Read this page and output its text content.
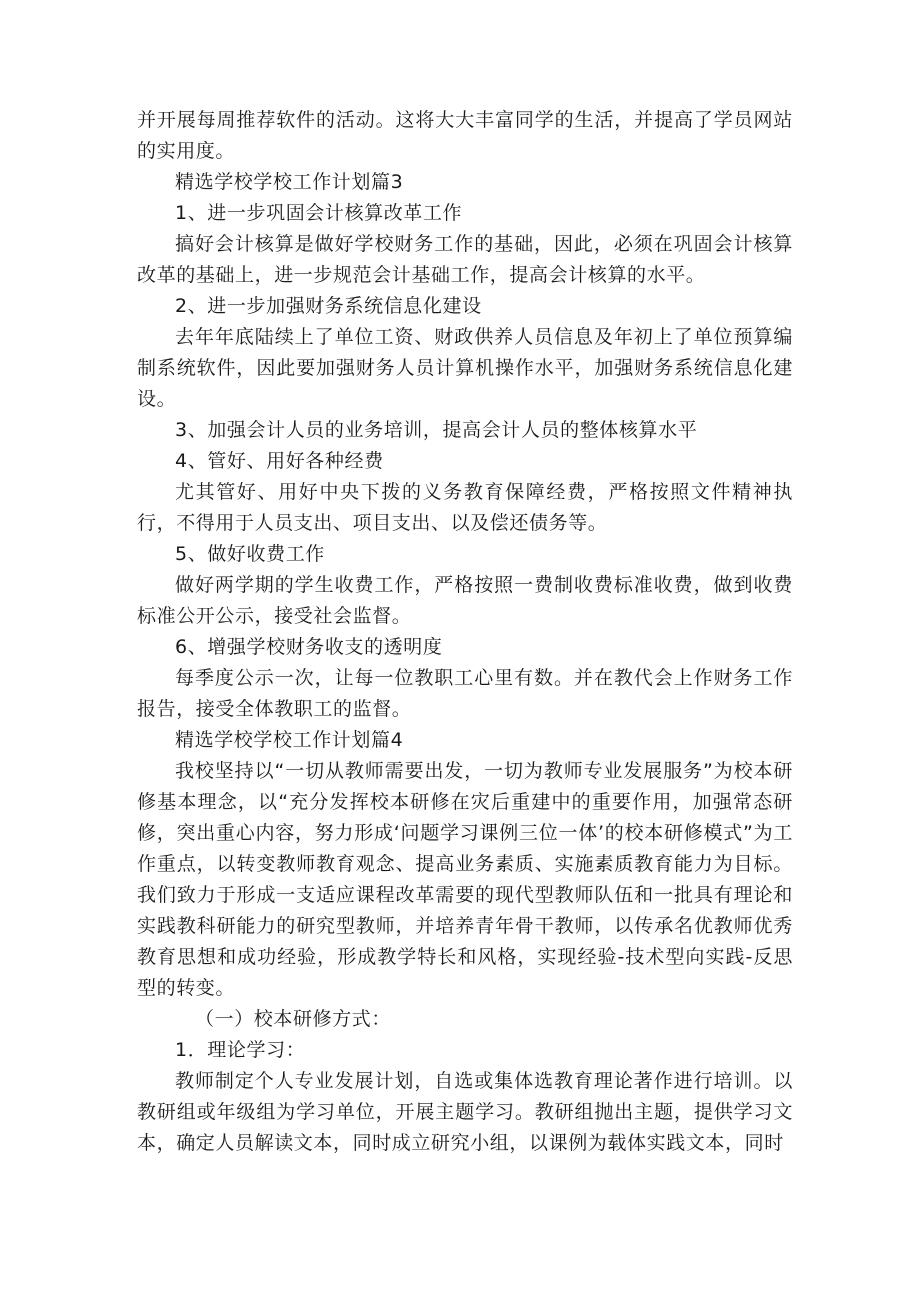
并开展每周推荐软件的活动。这将大大丰富同学的生活，并提高了学员网站的实用度。

精选学校学校工作计划篇3

1、进一步巩固会计核算改革工作

搞好会计核算是做好学校财务工作的基础，因此，必须在巩固会计核算改革的基础上，进一步规范会计基础工作，提高会计核算的水平。

2、进一步加强财务系统信息化建设

去年年底陆续上了单位工资、财政供养人员信息及年初上了单位预算编制系统软件，因此要加强财务人员计算机操作水平，加强财务系统信息化建设。

3、加强会计人员的业务培训，提高会计人员的整体核算水平

4、管好、用好各种经费

尤其管好、用好中央下拨的义务教育保障经费，严格按照文件精神执行，不得用于人员支出、项目支出、以及偿还债务等。

5、做好收费工作

做好两学期的学生收费工作，严格按照一费制收费标准收费，做到收费标准公开公示，接受社会监督。

6、增强学校财务收支的透明度

每季度公示一次，让每一位教职工心里有数。并在教代会上作财务工作报告，接受全体教职工的监督。

精选学校学校工作计划篇4

我校坚持以“一切从教师需要出发，一切为教师专业发展服务”为校本研修基本理念，以“充分发挥校本研修在灾后重建中的重要作用，加强常态研修，突出重心内容，努力形成‘问题学习课例三位一体’的校本研修模式”为工作重点，以转变教师教育观念、提高业务素质、实施素质教育能力为目标。我们致力于形成一支适应课程改革需要的现代型教师队伍和一批具有理论和实践教科研能力的研究型教师，并培养青年骨干教师，以传承名优教师优秀教育思想和成功经验，形成教学特长和风格，实现经验-技术型向实践-反思型的转变。

（一）校本研修方式：

1．理论学习：

教师制定个人专业发展计划，自选或集体选教育理论著作进行培训。以教研组或年级组为学习单位，开展主题学习。教研组抛出主题，提供学习文本，确定人员解读文本，同时成立研究小组，以课例为载体实践文本，同时
